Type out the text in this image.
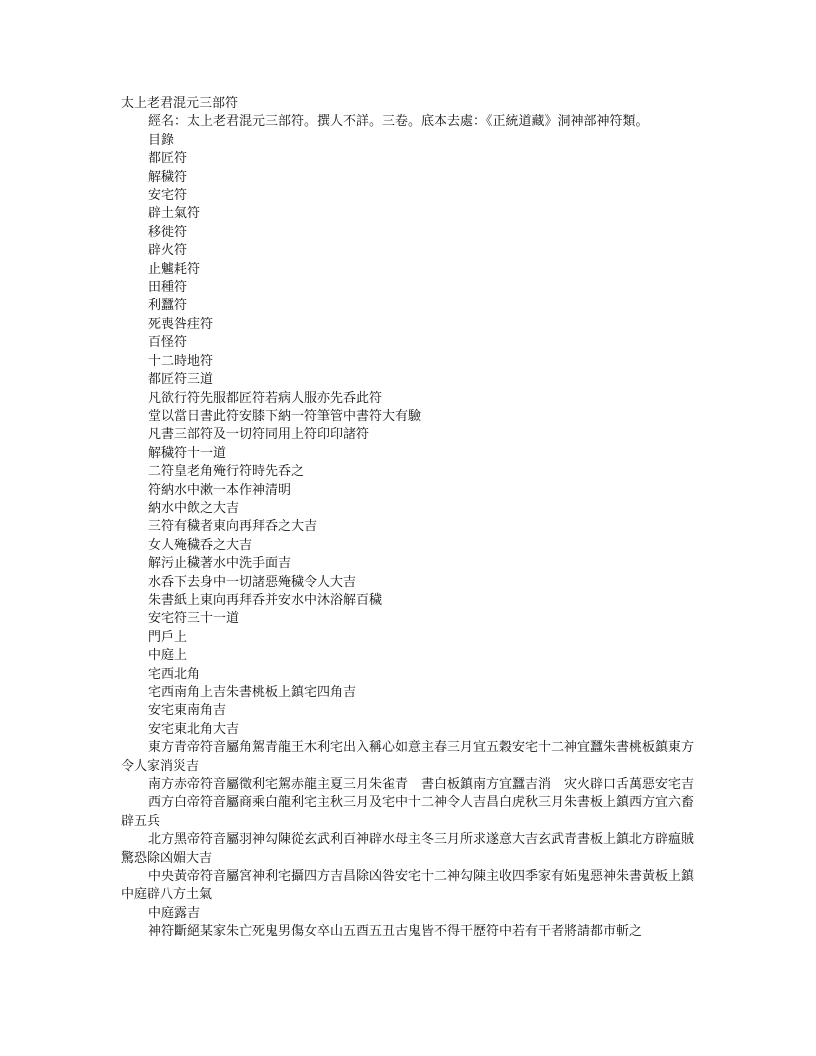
太上老君混元三部符
經名：太上老君混元三部符。撰人不詳。三卷。底本去處：《正統道藏》洞神部神符類。
目錄
都匠符
解穢符
安宅符
辟土氣符
移徙符
辟火符
止魖耗符
田種符
利蠶符
死喪咎疰符
百怪符
十二時地符
都匠符三道
凡欲行符先服都匠符若病人服亦先呑此符
堂以當日書此符安膝下納一符筆管中書符大有驗
凡書三部符及一切符同用上符印印諸符
解穢符十一道
二符皇老角殗行符時先呑之
符納水中漱一本作神清明
納水中飲之大吉
三符有穢者東向再拜呑之大吉
女人殗穢呑之大吉
解污止穢著水中洗手面吉
水呑下去身中一切諸惡殗穢令人大吉
朱書紙上東向再拜呑并安水中沐浴解百穢
安宅符三十一道
門戶上
中庭上
宅西北角
宅西南角上吉朱書桃板上鎮宅四角吉
安宅東南角吉
安宅東北角大吉
東方青帝符音屬角駕青龍王木利宅出入稱心如意主春三月宜五穀安宅十二神宜蠶朱書桃板鎮東方令人家消災吉
南方赤帝符音屬徵利宅駕赤龍主夏三月朱雀青　書白板鎮南方宜蠶吉消　灾火辟口舌萬惡安宅吉
西方白帝符音屬商乘白龍利宅主秋三月及宅中十二神令人吉昌白虎秋三月朱書板上鎮西方宜六畜辟五兵
北方黑帝符音屬羽神勾陳從玄武利百神辟水母主冬三月所求遂意大吉玄武青書板上鎮北方辟瘟賊驚恐除凶媚大吉
中央黃帝符音屬宮神利宅攝四方吉昌除凶咎安宅十二神勾陳主收四季家有妬鬼惡神朱書黃板上鎮中庭辟八方土氣
中庭露吉
神符斷絕某家朱亡死鬼男傷女卒山五酉五丑古鬼皆不得干歷符中若有干者將請都市斬之
